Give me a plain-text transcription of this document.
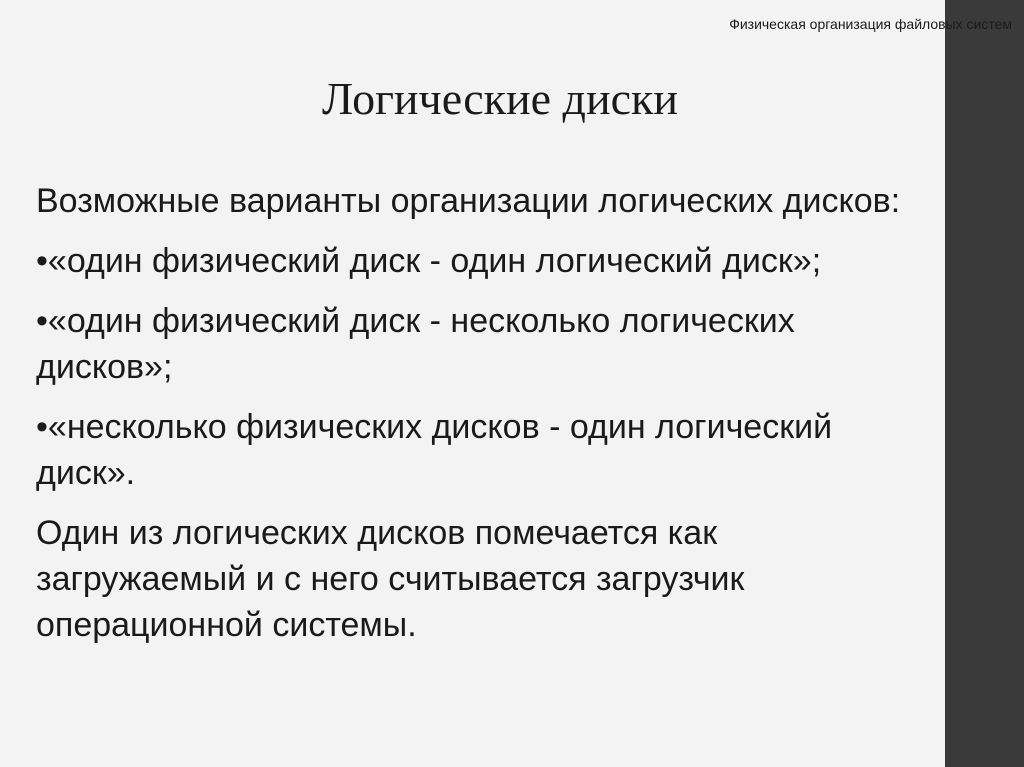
Физическая организация файловых систем
Логические диски

Возможные варианты организации логических дисков:

•«один физический диск - один логический диск»;

•«один физический диск - несколько логических дисков»;

•«несколько физических дисков - один логический диск».

Один из логических дисков помечается как загружаемый и с него считывается загрузчик операционной системы.
